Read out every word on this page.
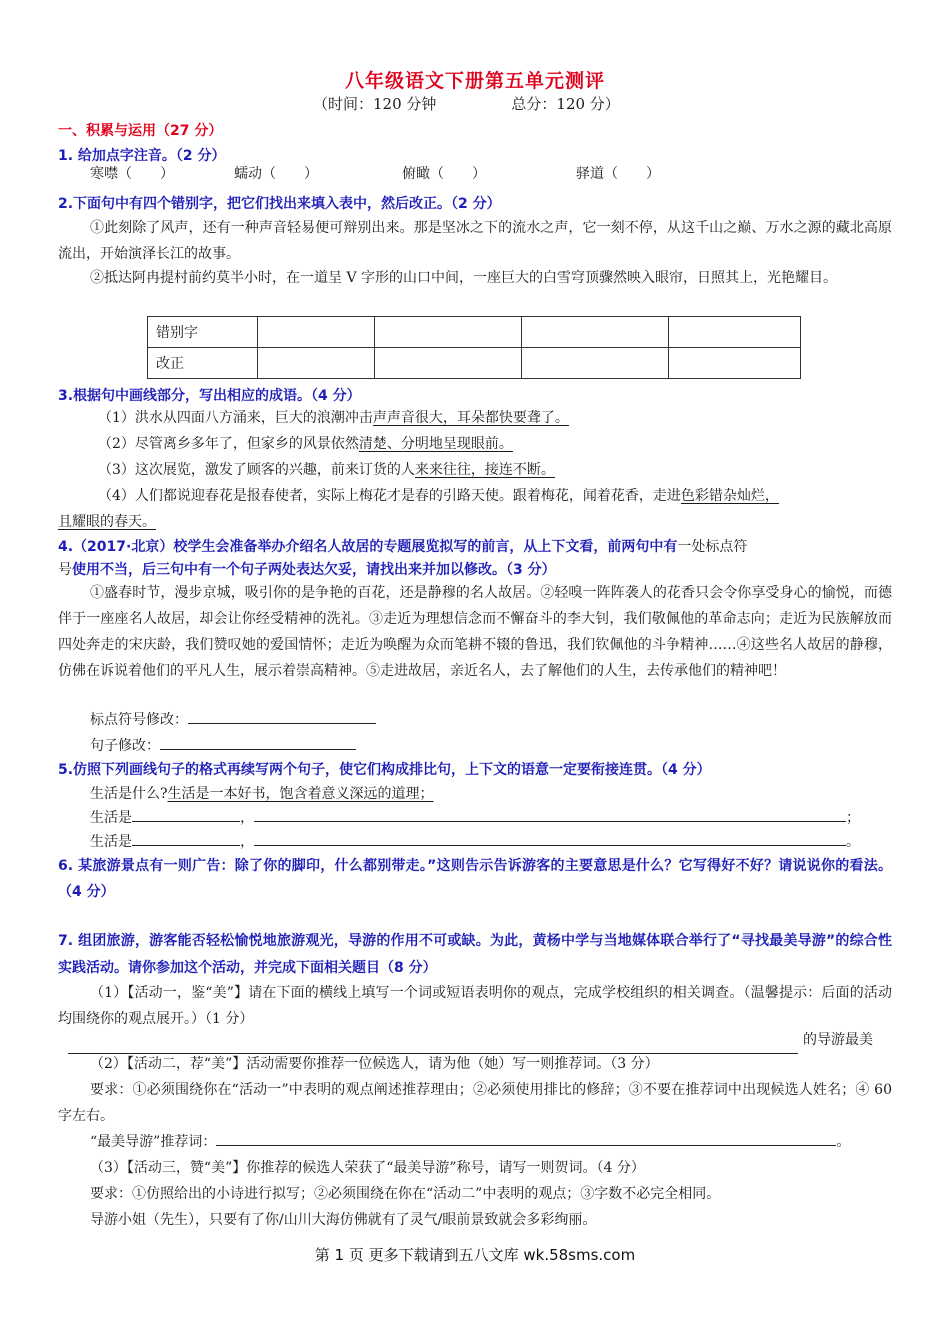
八年级语文下册第五单元测评
（时间：120 分钟　　　　　总分：120 分）
一、积累与运用（27 分）
1. 给加点字注音。（2 分）
寒噤（　　）	蠕动（　　）	俯瞰（　　）	驿道（　　）
2.下面句中有四个错别字，把它们找出来填入表中，然后改正。（2 分）
①此刻除了风声，还有一种声音轻易便可辩别出来。那是坚冰之下的流水之声，它一刻不停，从这千山之巅、万水之源的藏北高原流出，开始演泽长江的故事。
②抵达阿冉提村前约莫半小时，在一道呈 V 字形的山口中间，一座巨大的白雪穹顶骤然映入眼帘，日照其上，光艳耀目。
错别字				
改正				
3.根据句中画线部分，写出相应的成语。（4 分）
（1）洪水从四面八方涌来，巨大的浪潮冲击声声音很大，耳朵都快要聋了。
（2）尽管离乡多年了，但家乡的风景依然清楚、分明地呈现眼前。
（3）这次展览，激发了顾客的兴趣，前来订货的人来来往往，接连不断。
（4）人们都说迎春花是报春使者，实际上梅花才是春的引路天使。跟着梅花，闻着花香，走进色彩错杂灿烂，
且耀眼的春天。
4.（2017·北京）校学生会准备举办介绍名人故居的专题展览拟写的前言，从上下文看，前两句中有一处标点符
号使用不当，后三句中有一个句子两处表达欠妥，请找出来并加以修改。（3 分）
①盛春时节，漫步京城，吸引你的是争艳的百花，还是静穆的名人故居。②轻嗅一阵阵袭人的花香只会令你享受身心的愉悦，而德伴于一座座名人故居，却会让你经受精神的洗礼。③走近为理想信念而不懈奋斗的李大钊，我们敬佩他的革命志向；走近为民族解放而四处奔走的宋庆龄，我们赞叹她的爱国情怀；走近为唤醒为众而笔耕不辍的鲁迅，我们钦佩他的斗争精神……④这些名人故居的静穆，仿佛在诉说着他们的平凡人生，展示着崇高精神。⑤走进故居，亲近名人，去了解他们的人生，去传承他们的精神吧！
标点符号修改：
句子修改：
5.仿照下列画线句子的格式再续写两个句子，使它们构成排比句，上下文的语意一定要衔接连贯。（4 分）
生活是什么?生活是一本好书，饱含着意义深远的道理；
生活是	，	；
生活是	，	。
6. 某旅游景点有一则广告：除了你的脚印，什么都别带走。”这则告示告诉游客的主要意思是什么？它写得好不好？请说说你的看法。（4 分）
7. 组团旅游，游客能否轻松愉悦地旅游观光，导游的作用不可或缺。为此，黄杨中学与当地媒体联合举行了“寻找最美导游”的综合性实践活动。请你参加这个活动，并完成下面相关题目（8 分）
（1）【活动一，鉴“美”】请在下面的横线上填写一个词或短语表明你的观点，完成学校组织的相关调查。（温馨提示：后面的活动均围绕你的观点展开。）（1 分）
的导游最美
（2）【活动二，荐“美”】活动需要你推荐一位候选人，请为他（她）写一则推荐词。（3 分）
要求：①必须围绕你在“活动一”中表明的观点阐述推荐理由；②必须使用排比的修辞；③不要在推荐词中出现候选人姓名；④ 60 字左右。
“最美导游”推荐词：	。
（3）【活动三，赞“美”】你推荐的候选人荣获了“最美导游”称号，请写一则贺词。（4 分）
要求：①仿照给出的小诗进行拟写；②必须围绕在你在“活动二”中表明的观点；③字数不必完全相同。
导游小姐（先生），只要有了你/山川大海仿佛就有了灵气/眼前景致就会多彩绚丽。
第 1 页 更多下载请到五八文库 wk.58sms.com
